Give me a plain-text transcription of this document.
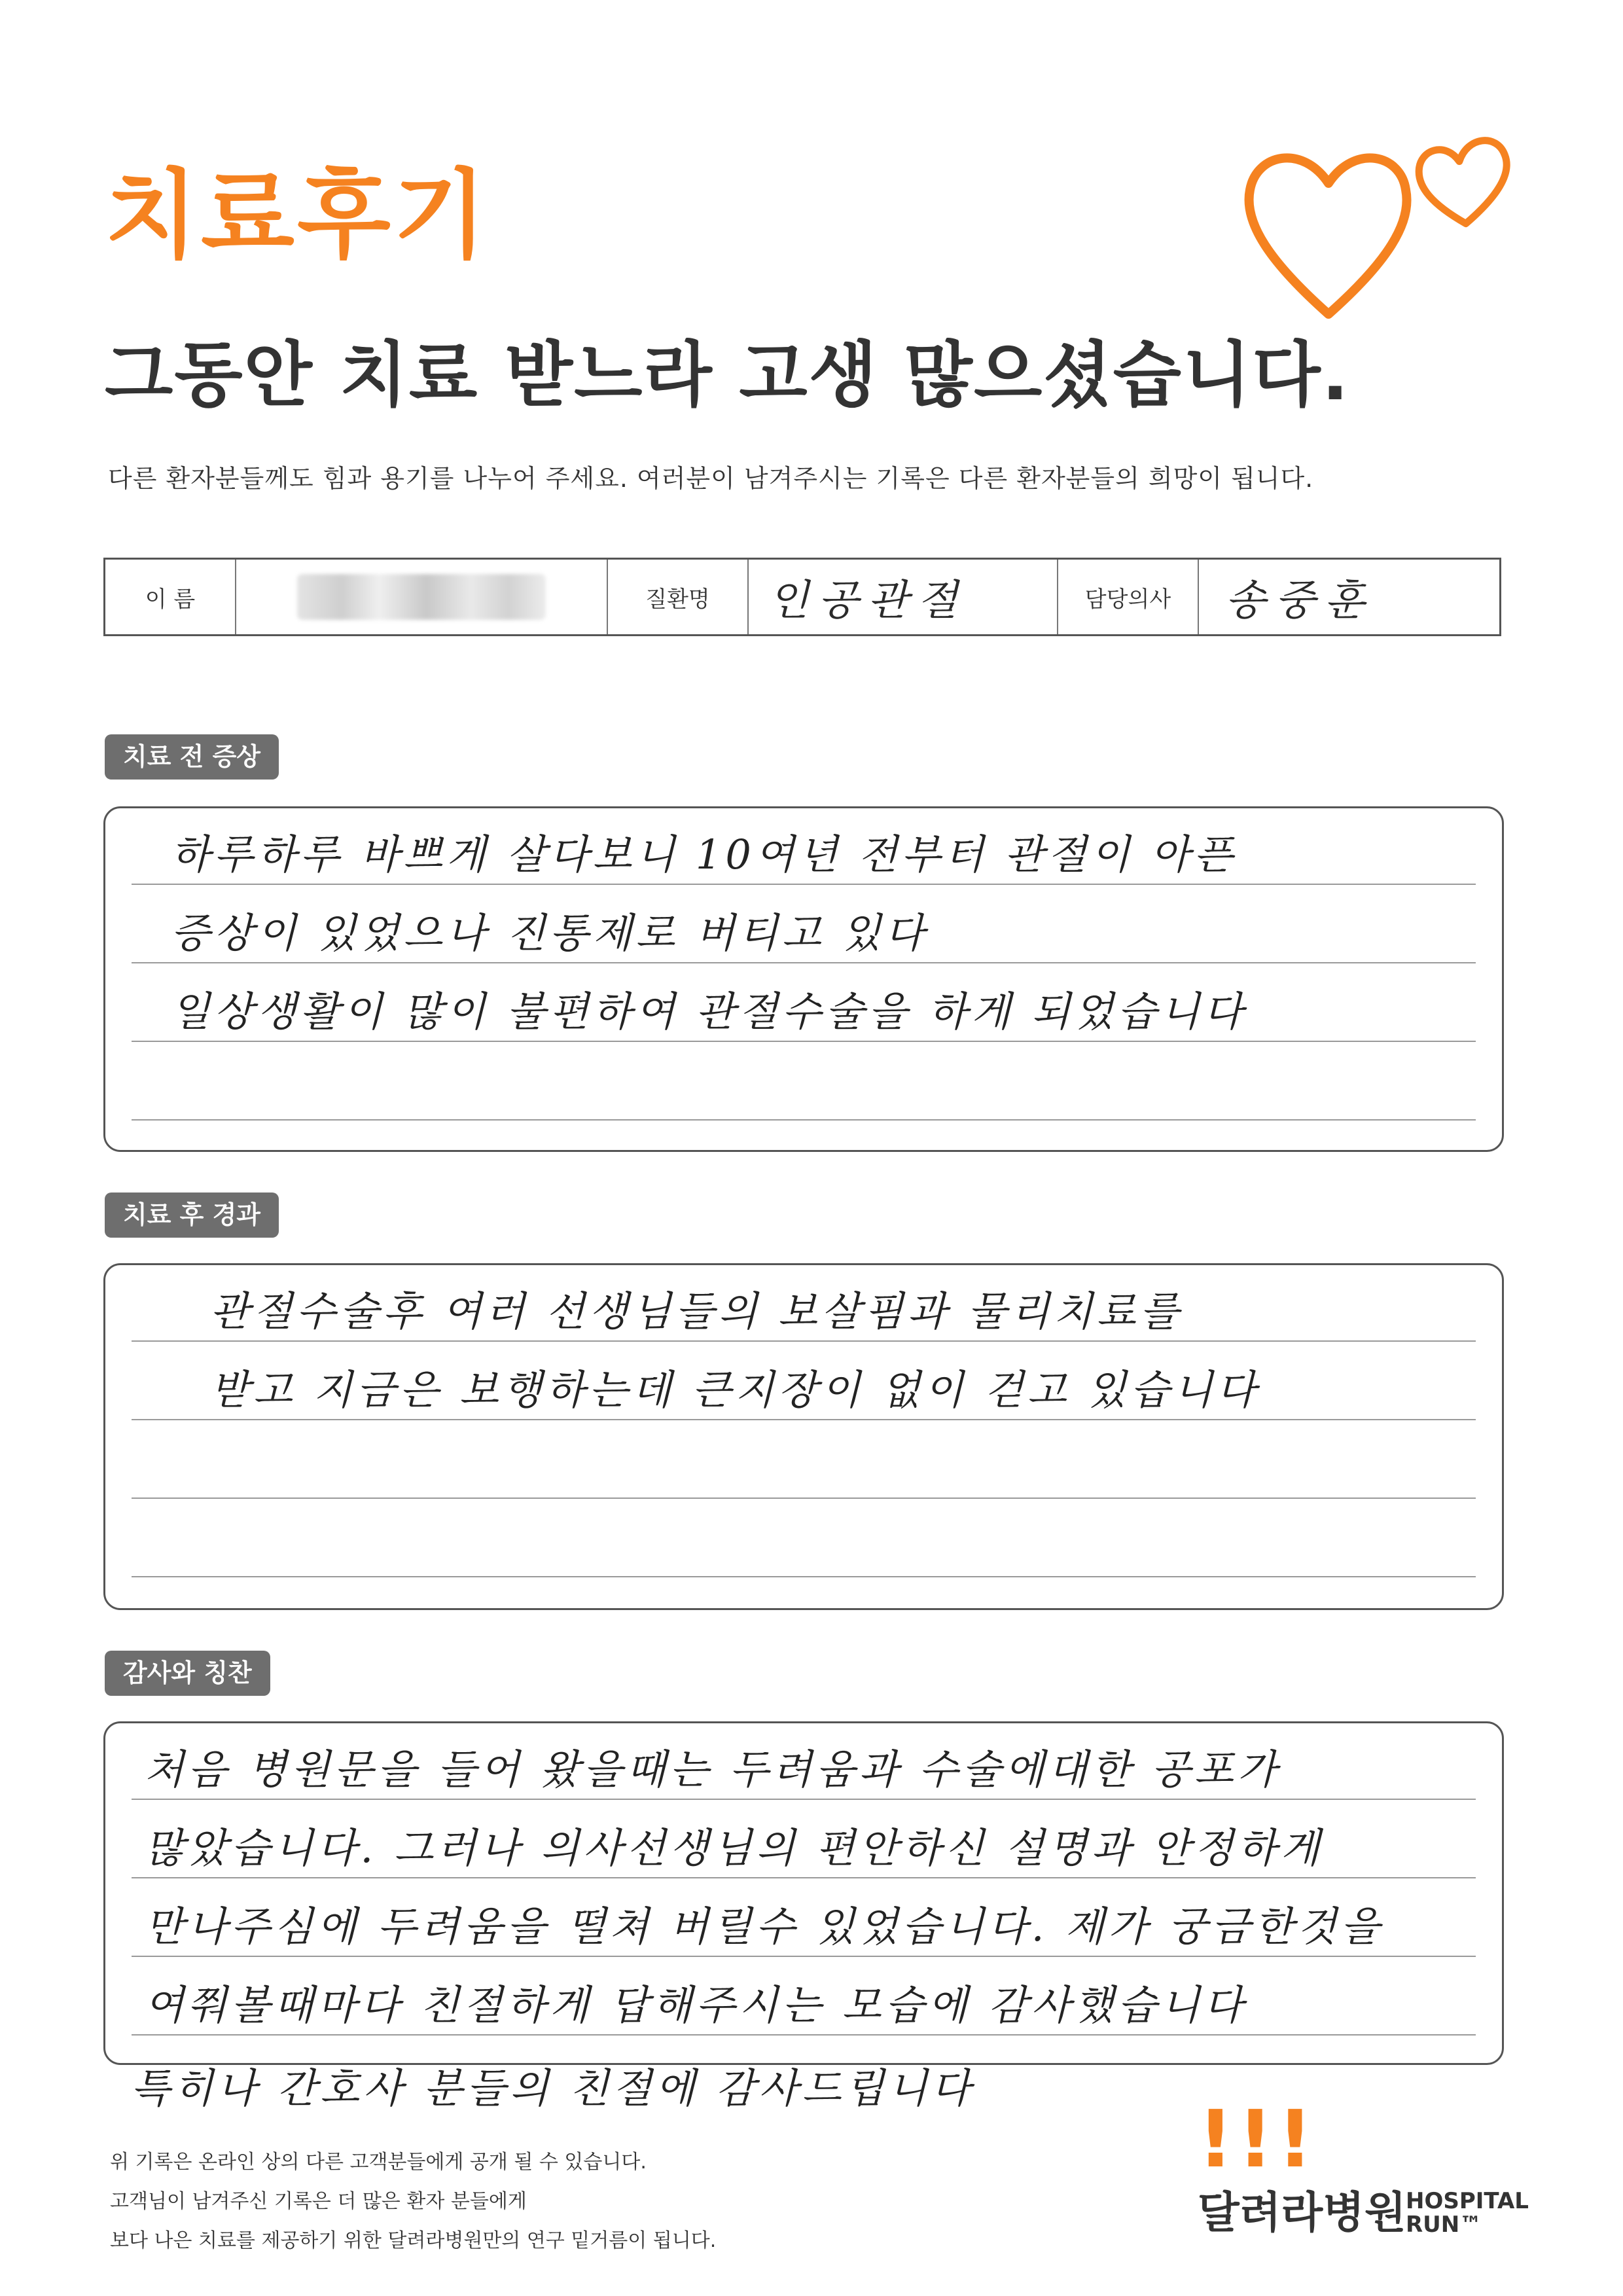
치료후기
그동안 치료 받느라 고생 많으셨습니다.
다른 환자분들께도 힘과 용기를 나누어 주세요. 여러분이 남겨주시는 기록은 다른 환자분들의 희망이 됩니다.
이 름	질환명 인공관절	담당의사 송중훈
치료 전 증상
하루하루 바쁘게 살다보니 10여년 전부터 관절이 아픈
증상이 있었으나 진통제로 버티고 있다
일상생활이 많이 불편하여 관절수술을 하게 되었습니다
치료 후 경과
관절수술후 여러 선생님들의 보살핌과 물리치료를
받고 지금은 보행하는데 큰지장이 없이 걷고 있습니다
감사와 칭찬
처음 병원문을 들어 왔을때는 두려움과 수술에대한 공포가
많았습니다. 그러나 의사선생님의 편안하신 설명과 안정하게
만나주심에 두려움을 떨쳐 버릴수 있었습니다. 제가 궁금한것을
여쭤볼때마다 친절하게 답해주시는 모습에 감사했습니다
특히나 간호사 분들의 친절에 감사드립니다
위 기록은 온라인 상의 다른 고객분들에게 공개 될 수 있습니다.
고객님이 남겨주신 기록은 더 많은 환자 분들에게
보다 나은 치료를 제공하기 위한 달려라병원만의 연구 밑거름이 됩니다.
!!!
달려라병원 HOSPITAL
RUN™
